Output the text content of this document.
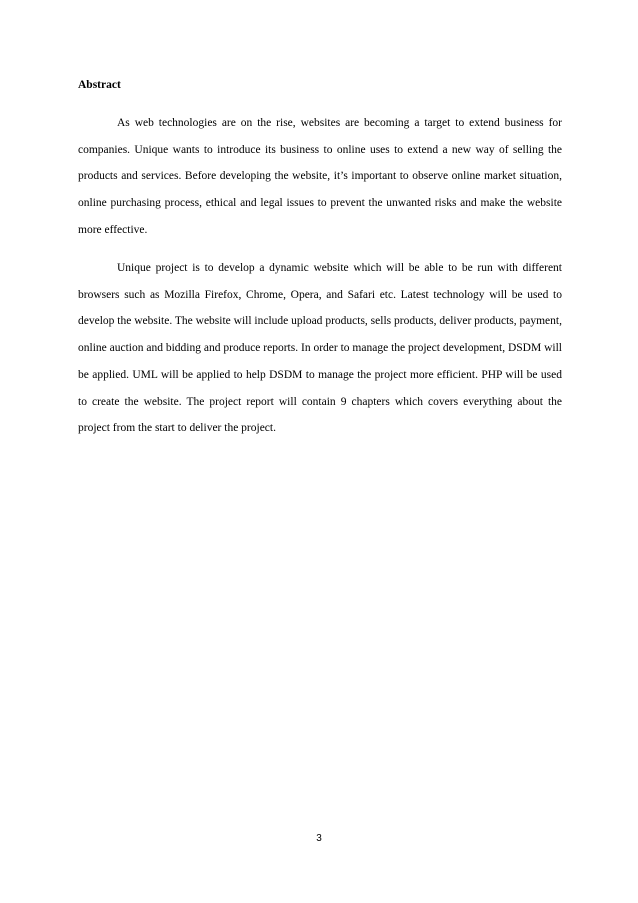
Abstract

As web technologies are on the rise, websites are becoming a target to extend business for companies. Unique wants to introduce its business to online uses to extend a new way of selling the products and services. Before developing the website, it’s important to observe online market situation, online purchasing process, ethical and legal issues to prevent the unwanted risks and make the website more effective.

Unique project is to develop a dynamic website which will be able to be run with different browsers such as Mozilla Firefox, Chrome, Opera, and Safari etc. Latest technology will be used to develop the website. The website will include upload products, sells products, deliver products, payment, online auction and bidding and produce reports. In order to manage the project development, DSDM will be applied. UML will be applied to help DSDM to manage the project more efficient. PHP will be used to create the website. The project report will contain 9 chapters which covers everything about the project from the start to deliver the project.

3
